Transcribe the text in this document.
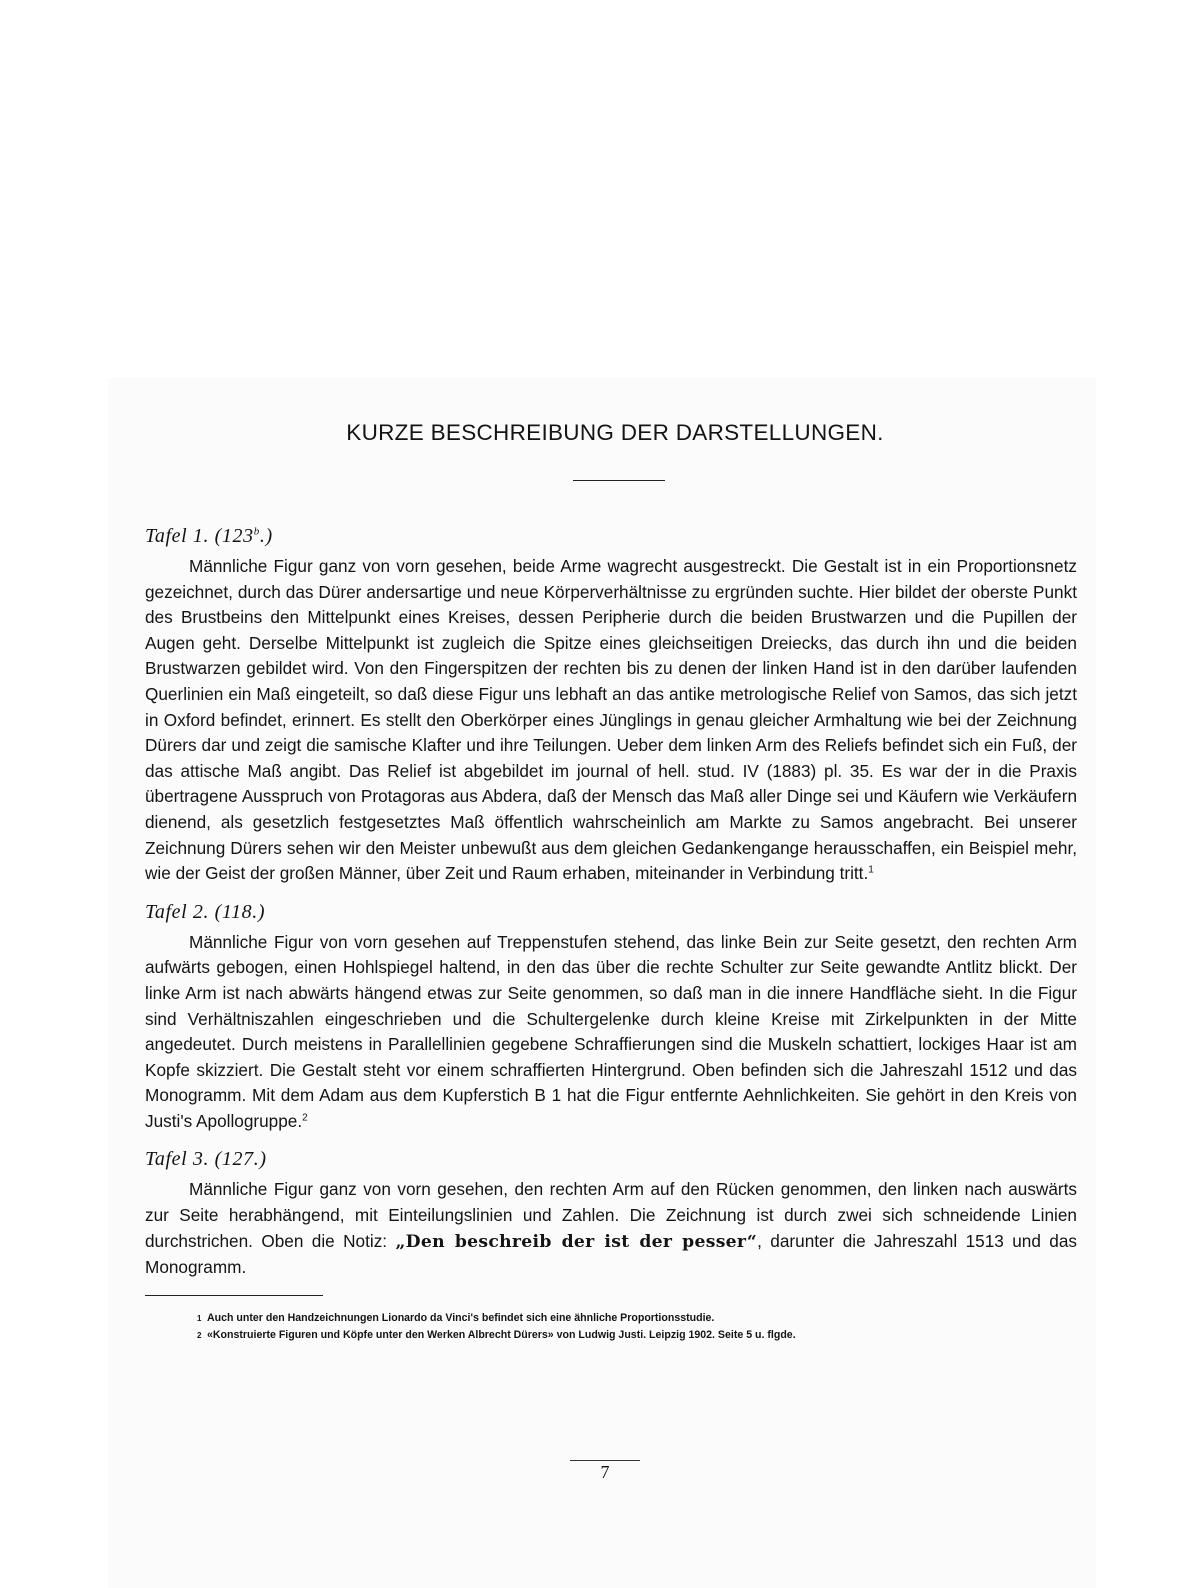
KURZE BESCHREIBUNG DER DARSTELLUNGEN.
Tafel 1. (123$^b$.)

Männliche Figur ganz von vorn gesehen, beide Arme wagrecht ausgestreckt. Die Gestalt ist in ein Proportionsnetz gezeichnet, durch das Dürer andersartige und neue Körperverhältnisse zu ergründen suchte. Hier bildet der oberste Punkt des Brustbeins den Mittelpunkt eines Kreises, dessen Peripherie durch die beiden Brustwarzen und die Pupillen der Augen geht. Derselbe Mittelpunkt ist zugleich die Spitze eines gleichseitigen Dreiecks, das durch ihn und die beiden Brustwarzen gebildet wird. Von den Fingerspitzen der rechten bis zu denen der linken Hand ist in den darüber laufenden Querlinien ein Maß eingeteilt, so daß diese Figur uns lebhaft an das antike metrologische Relief von Samos, das sich jetzt in Oxford befindet, erinnert. Es stellt den Oberkörper eines Jünglings in genau gleicher Armhaltung wie bei der Zeichnung Dürers dar und zeigt die samische Klafter und ihre Teilungen. Ueber dem linken Arm des Reliefs befindet sich ein Fuß, der das attische Maß angibt. Das Relief ist abgebildet im journal of hell. stud. IV (1883) pl. 35. Es war der in die Praxis übertragene Ausspruch von Protagoras aus Abdera, daß der Mensch das Maß aller Dinge sei und Käufern wie Verkäufern dienend, als gesetzlich festgesetztes Maß öffentlich wahrscheinlich am Markte zu Samos angebracht. Bei unserer Zeichnung Dürers sehen wir den Meister unbewußt aus dem gleichen Gedankengange herausschaffen, ein Beispiel mehr, wie der Geist der großen Männer, über Zeit und Raum erhaben, miteinander in Verbindung tritt.$^1$

Tafel 2. (118.)

Männliche Figur von vorn gesehen auf Treppenstufen stehend, das linke Bein zur Seite gesetzt, den rechten Arm aufwärts gebogen, einen Hohlspiegel haltend, in den das über die rechte Schulter zur Seite gewandte Antlitz blickt. Der linke Arm ist nach abwärts hängend etwas zur Seite genommen, so daß man in die innere Handfläche sieht. In die Figur sind Verhältniszahlen eingeschrieben und die Schultergelenke durch kleine Kreise mit Zirkelpunkten in der Mitte angedeutet. Durch meistens in Parallellinien gegebene Schraffierungen sind die Muskeln schattiert, lockiges Haar ist am Kopfe skizziert. Die Gestalt steht vor einem schraffierten Hintergrund. Oben befinden sich die Jahreszahl 1512 und das Monogramm. Mit dem Adam aus dem Kupferstich B 1 hat die Figur entfernte Aehnlichkeiten. Sie gehört in den Kreis von Justi's Apollogruppe.$^2$

Tafel 3. (127.)

Männliche Figur ganz von vorn gesehen, den rechten Arm auf den Rücken genommen, den linken nach auswärts zur Seite herabhängend, mit Einteilungslinien und Zahlen. Die Zeichnung ist durch zwei sich schneidende Linien durchstrichen. Oben die Notiz: „Den beschreib der ist der pesser“, darunter die Jahreszahl 1513 und das Monogramm.

1 Auch unter den Handzeichnungen Lionardo da Vinci's befindet sich eine ähnliche Proportionsstudie.

2 «Konstruierte Figuren und Köpfe unter den Werken Albrecht Dürers» von Ludwig Justi. Leipzig 1902. Seite 5 u. flgde.

7
